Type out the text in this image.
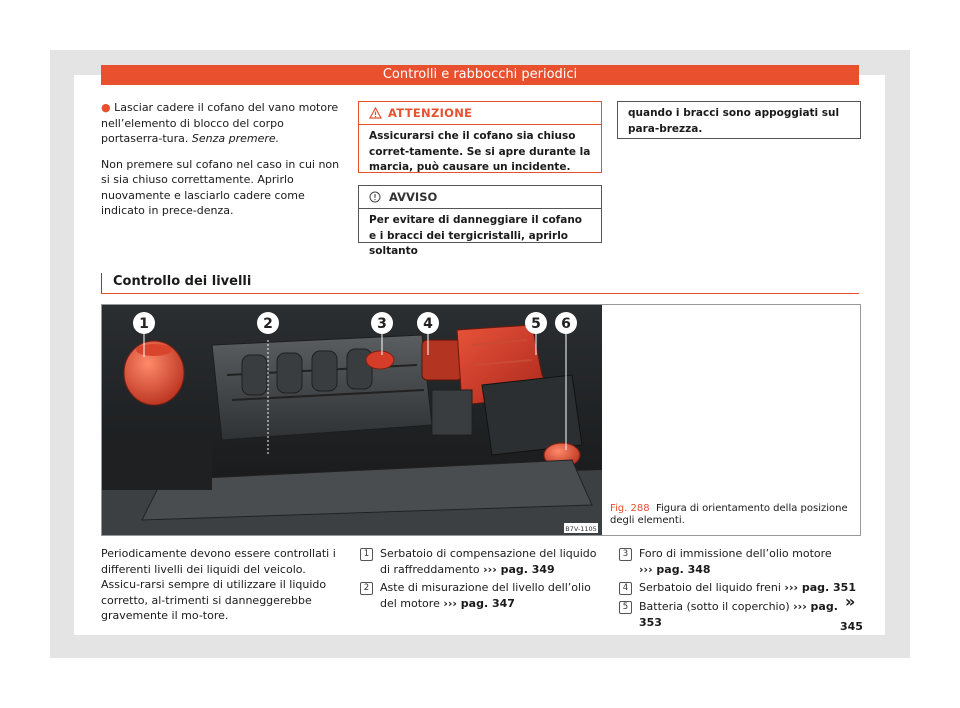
Controlli e rabbocchi periodici

● Lasciar cadere il cofano del vano motore nell’elemento di blocco del corpo portaserra-tura. Senza premere.

Non premere sul cofano nel caso in cui non si sia chiuso correttamente. Aprirlo nuovamente e lasciarlo cadere come indicato in prece-denza.

ATTENZIONE
Assicurarsi che il cofano sia chiuso corret-tamente. Se si apre durante la marcia, può causare un incidente.
AVVISO
Per evitare di danneggiare il cofano e i bracci dei tergicristalli, aprirlo soltanto
quando i bracci sono appoggiati sul para-brezza.
Controllo dei livelli
1	2	3	4	5 6
B7V-1105
Fig. 288 Figura di orientamento della posizione degli elementi.
Periodicamente devono essere controllati i differenti livelli dei liquidi del veicolo. Assicu-rarsi sempre di utilizzare il liquido corretto, al-trimenti si danneggerebbe gravemente il mo-tore.
1 Serbatoio di compensazione del liquido di raffreddamento ››› pag. 349
2 Aste di misurazione del livello dell’olio del motore ››› pag. 347
3 Foro di immissione dell’olio motore
››› pag. 348
4 Serbatoio del liquido freni ››› pag. 351
5 Batteria (sotto il coperchio) ››› pag. 353
»
345
